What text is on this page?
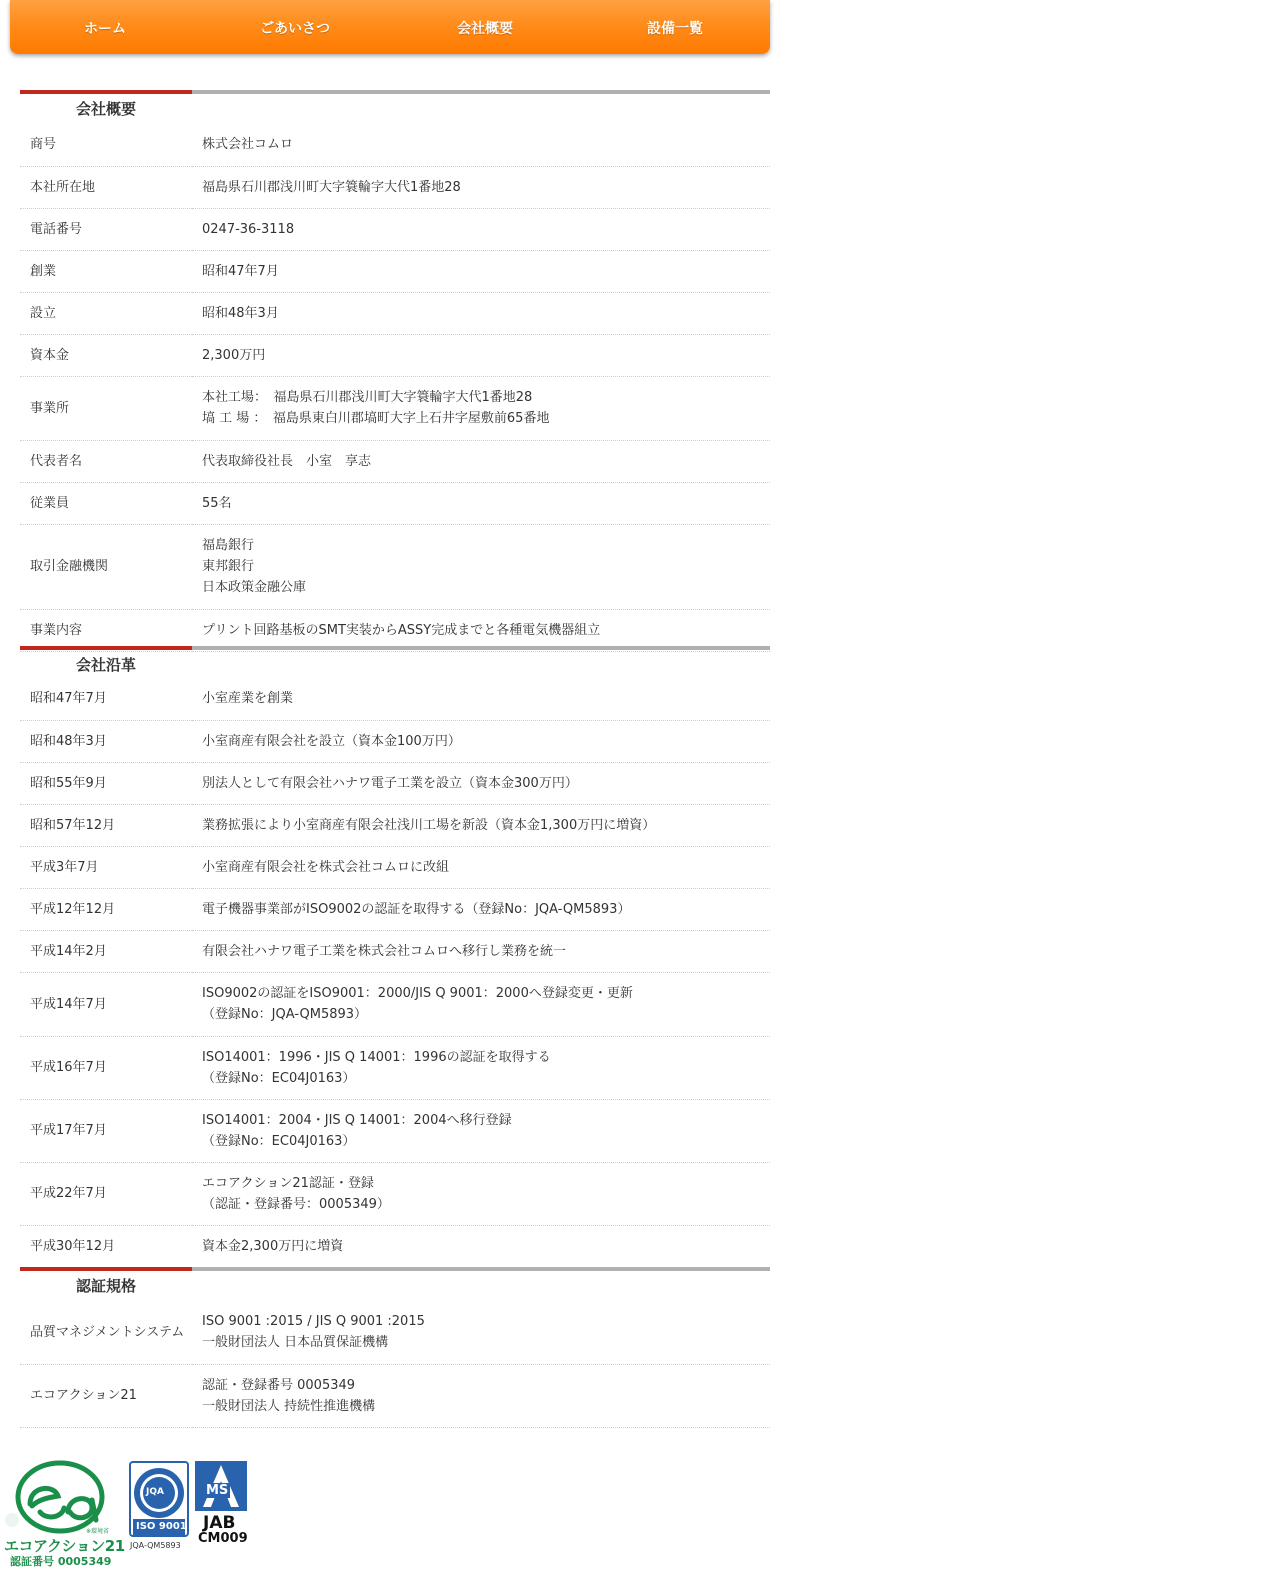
ホーム	ごあいさつ	会社概要	設備一覧
会社概要
商号	株式会社コムロ

本社所在地	福島県石川郡浅川町大字簑輪字大代1番地28

電話番号	0247-36-3118

創業	昭和47年7月

設立	昭和48年3月

資本金	2,300万円

事業所	本社工場：　福島県石川郡浅川町大字簑輪字大代1番地28
塙 工 場 ：　福島県東白川郡塙町大字上石井字屋敷前65番地

代表者名	代表取締役社長　小室　享志

従業員	55名

取引金融機関	福島銀行
東邦銀行
日本政策金融公庫

事業内容	プリント回路基板のSMT実装からASSY完成までと各種電気機器組立
会社沿革
昭和47年7月	小室産業を創業

昭和48年3月	小室商産有限会社を設立（資本金100万円）

昭和55年9月	別法人として有限会社ハナワ電子工業を設立（資本金300万円）

昭和57年12月	業務拡張により小室商産有限会社浅川工場を新設（資本金1,300万円に増資）

平成3年7月	小室商産有限会社を株式会社コムロに改組

平成12年12月	電子機器事業部がISO9002の認証を取得する（登録No：JQA-QM5893）

平成14年2月	有限会社ハナワ電子工業を株式会社コムロへ移行し業務を統一

平成14年7月	ISO9002の認証をISO9001：2000/JIS Q 9001：2000へ登録変更・更新
（登録No：JQA-QM5893）

平成16年7月	ISO14001：1996・JIS Q 14001：1996の認証を取得する
（登録No：EC04J0163）

平成17年7月	ISO14001：2004・JIS Q 14001：2004へ移行登録
（登録No：EC04J0163）

平成22年7月	エコアクション21認証・登録
（認証・登録番号：0005349）

平成30年12月	資本金2,300万円に増資
認証規格
品質マネジメントシステム	ISO 9001 :2015 / JIS Q 9001 :2015
一般財団法人 日本品質保証機構

エコアクション21	認証・登録番号 0005349
一般財団法人 持続性推進機構
※環境省
エコアクション21
認証番号 0005349
JQA
ISO 9001
JQA-QM5893
MS
JAB
CM009
